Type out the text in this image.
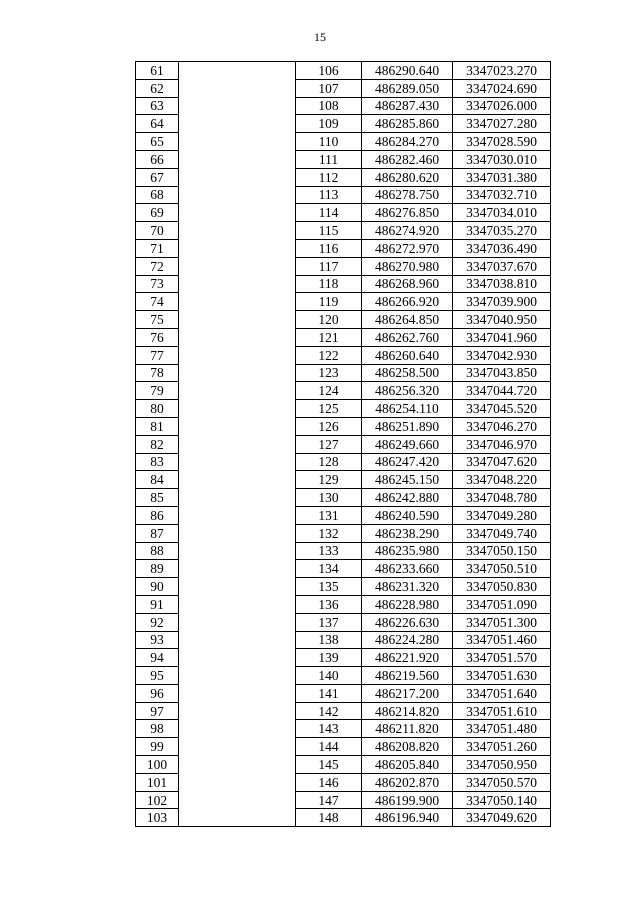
15
61		106	486290.640	3347023.270
62		107	486289.050	3347024.690
63		108	486287.430	3347026.000
64		109	486285.860	3347027.280
65		110	486284.270	3347028.590
66		111	486282.460	3347030.010
67		112	486280.620	3347031.380
68		113	486278.750	3347032.710
69		114	486276.850	3347034.010
70		115	486274.920	3347035.270
71		116	486272.970	3347036.490
72		117	486270.980	3347037.670
73		118	486268.960	3347038.810
74		119	486266.920	3347039.900
75		120	486264.850	3347040.950
76		121	486262.760	3347041.960
77		122	486260.640	3347042.930
78		123	486258.500	3347043.850
79		124	486256.320	3347044.720
80		125	486254.110	3347045.520
81		126	486251.890	3347046.270
82		127	486249.660	3347046.970
83		128	486247.420	3347047.620
84		129	486245.150	3347048.220
85		130	486242.880	3347048.780
86		131	486240.590	3347049.280
87		132	486238.290	3347049.740
88		133	486235.980	3347050.150
89		134	486233.660	3347050.510
90		135	486231.320	3347050.830
91		136	486228.980	3347051.090
92		137	486226.630	3347051.300
93		138	486224.280	3347051.460
94		139	486221.920	3347051.570
95		140	486219.560	3347051.630
96		141	486217.200	3347051.640
97		142	486214.820	3347051.610
98		143	486211.820	3347051.480
99		144	486208.820	3347051.260
100		145	486205.840	3347050.950
101		146	486202.870	3347050.570
102		147	486199.900	3347050.140
103		148	486196.940	3347049.620
